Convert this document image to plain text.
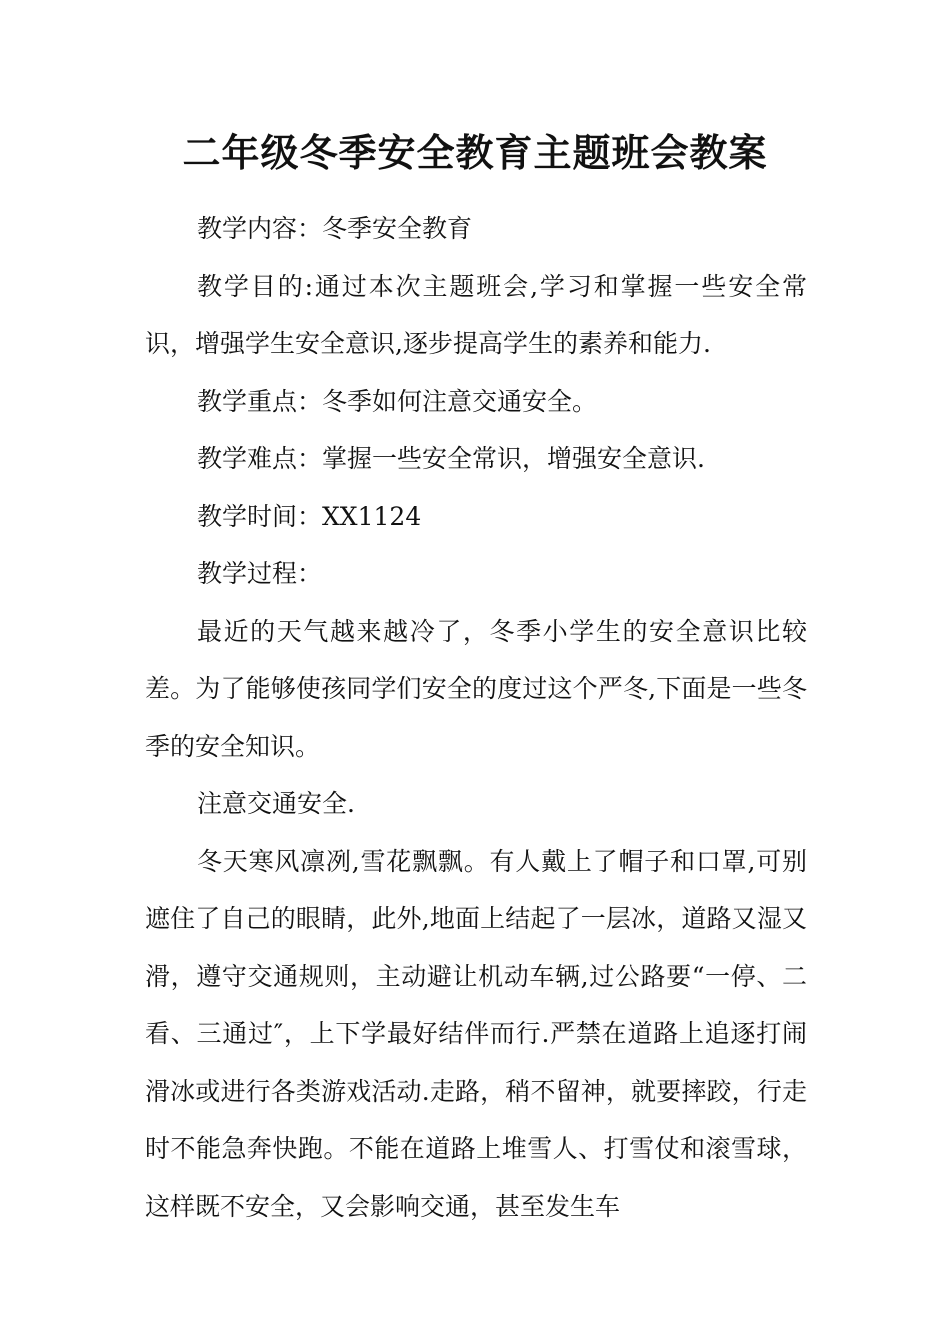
二年级冬季安全教育主题班会教案

教学内容：冬季安全教育

教学目的:通过本次主题班会,学习和掌握一些安全常识，增强学生安全意识,逐步提高学生的素养和能力.

教学重点：冬季如何注意交通安全。

教学难点：掌握一些安全常识，增强安全意识.

教学时间：XX1124

教学过程：

最近的天气越来越冷了，冬季小学生的安全意识比较差。为了能够使孩同学们安全的度过这个严冬,下面是一些冬季的安全知识。

注意交通安全.

冬天寒风凛冽,雪花飘飘。有人戴上了帽子和口罩,可别遮住了自己的眼睛，此外,地面上结起了一层冰，道路又湿又滑，遵守交通规则，主动避让机动车辆,过公路要“一停、二看、三通过″，上下学最好结伴而行.严禁在道路上追逐打闹滑冰或进行各类游戏活动.走路，稍不留神，就要摔跤，行走时不能急奔快跑。不能在道路上堆雪人、打雪仗和滚雪球，这样既不安全，又会影响交通，甚至发生车
